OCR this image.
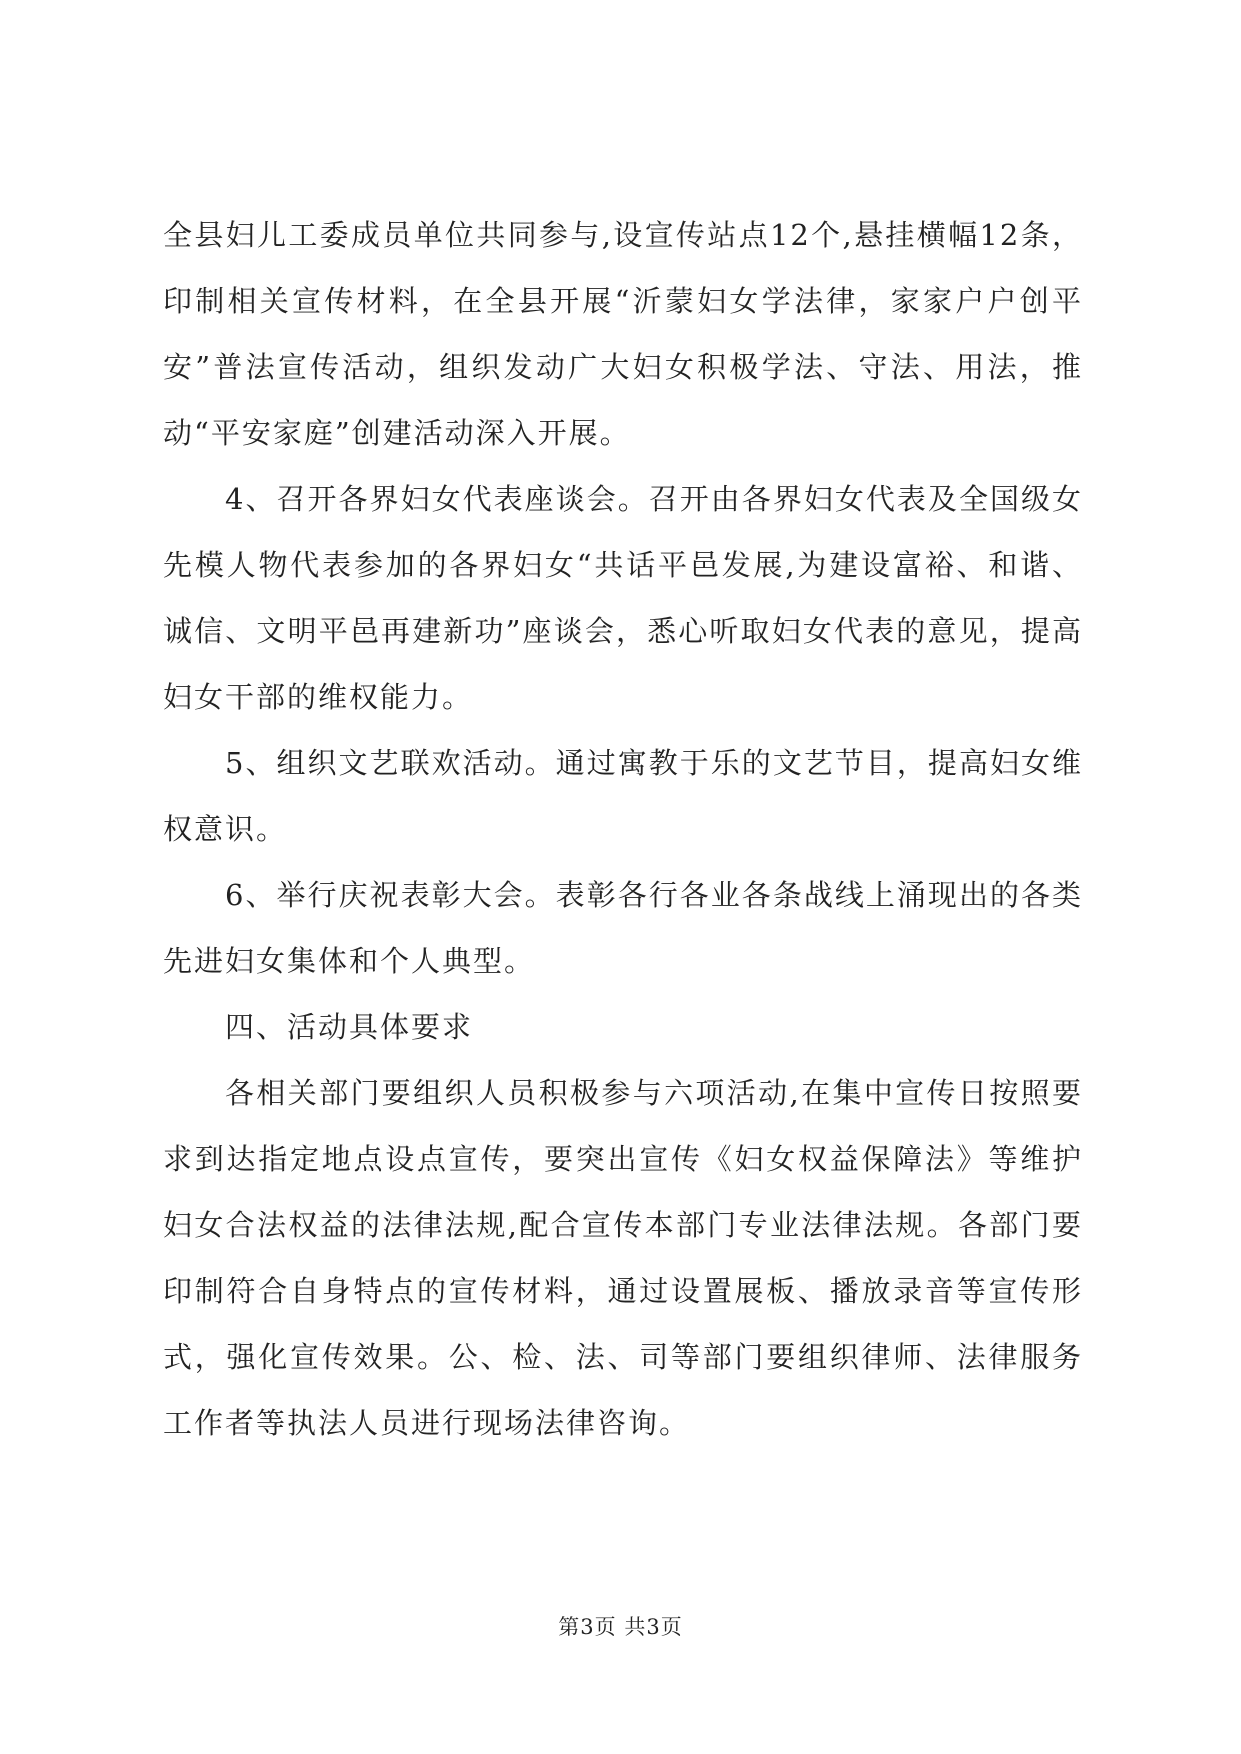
全县妇儿工委成员单位共同参与,设宣传站点12个,悬挂横幅12条，印制相关宣传材料，在全县开展“沂蒙妇女学法律，家家户户创平安”普法宣传活动，组织发动广大妇女积极学法、守法、用法，推动“平安家庭”创建活动深入开展。

4、召开各界妇女代表座谈会。召开由各界妇女代表及全国级女先模人物代表参加的各界妇女“共话平邑发展,为建设富裕、和谐、诚信、文明平邑再建新功”座谈会，悉心听取妇女代表的意见，提高妇女干部的维权能力。

5、组织文艺联欢活动。通过寓教于乐的文艺节目，提高妇女维权意识。

6、举行庆祝表彰大会。表彰各行各业各条战线上涌现出的各类先进妇女集体和个人典型。

四、活动具体要求

各相关部门要组织人员积极参与六项活动,在集中宣传日按照要求到达指定地点设点宣传，要突出宣传《妇女权益保障法》等维护妇女合法权益的法律法规,配合宣传本部门专业法律法规。各部门要印制符合自身特点的宣传材料，通过设置展板、播放录音等宣传形式，强化宣传效果。公、检、法、司等部门要组织律师、法律服务工作者等执法人员进行现场法律咨询。

第3页 共3页
